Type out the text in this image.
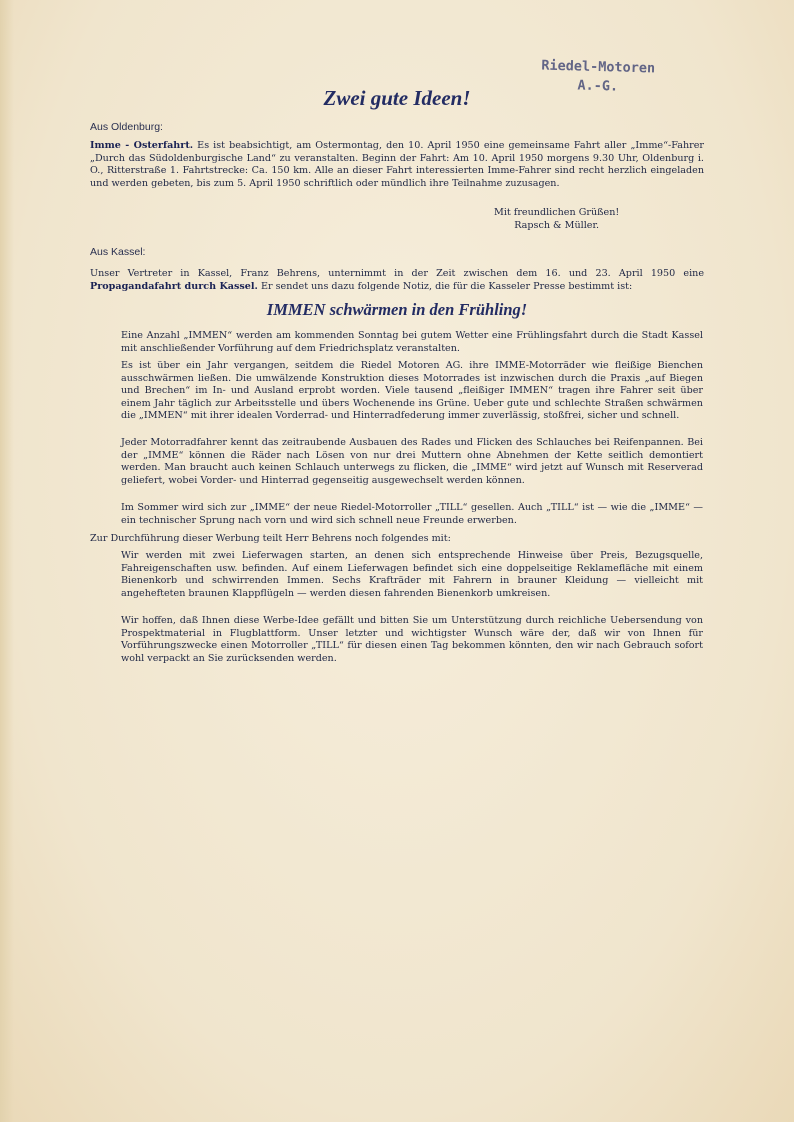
Riedel-Motoren
A.-G.
Zwei gute Ideen!
Aus Oldenburg:
Imme - Osterfahrt. Es ist beabsichtigt, am Ostermontag, den 10. April 1950 eine gemeinsame Fahrt aller „Imme“-Fahrer „Durch das Südoldenburgische Land“ zu veranstalten. Beginn der Fahrt: Am 10. April 1950 morgens 9.30 Uhr, Oldenburg i. O., Ritterstraße 1. Fahrtstrecke: Ca. 150 km. Alle an dieser Fahrt interessierten Imme-Fahrer sind recht herzlich eingeladen und werden gebeten, bis zum 5. April 1950 schriftlich oder mündlich ihre Teilnahme zuzusagen.
Mit freundlichen Grüßen!
Rapsch & Müller.
Aus Kassel:
Unser Vertreter in Kassel, Franz Behrens, unternimmt in der Zeit zwischen dem 16. und 23. April 1950 eine Propagandafahrt durch Kassel. Er sendet uns dazu folgende Notiz, die für die Kasseler Presse bestimmt ist:
IMMEN schwärmen in den Frühling!
Eine Anzahl „IMMEN“ werden am kommenden Sonntag bei gutem Wetter eine Frühlingsfahrt durch die Stadt Kassel mit anschließender Vorführung auf dem Friedrichsplatz veranstalten.
Es ist über ein Jahr vergangen, seitdem die Riedel Motoren AG. ihre IMME-Motorräder wie fleißige Bienchen ausschwärmen ließen. Die umwälzende Konstruktion dieses Motorrades ist inzwischen durch die Praxis „auf Biegen und Brechen“ im In- und Ausland erprobt worden. Viele tausend „fleißiger IMMEN“ tragen ihre Fahrer seit über einem Jahr täglich zur Arbeitsstelle und übers Wochenende ins Grüne. Ueber gute und schlechte Straßen schwärmen die „IMMEN“ mit ihrer idealen Vorderrad- und Hinterradfederung immer zuverlässig, stoßfrei, sicher und schnell.
Jeder Motorradfahrer kennt das zeitraubende Ausbauen des Rades und Flicken des Schlauches bei Reifenpannen. Bei der „IMME“ können die Räder nach Lösen von nur drei Muttern ohne Abnehmen der Kette seitlich demontiert werden. Man braucht auch keinen Schlauch unterwegs zu flicken, die „IMME“ wird jetzt auf Wunsch mit Reserverad geliefert, wobei Vorder- und Hinterrad gegenseitig ausgewechselt werden können.
Im Sommer wird sich zur „IMME“ der neue Riedel-Motorroller „TILL“ gesellen. Auch „TILL“ ist — wie die „IMME“ — ein technischer Sprung nach vorn und wird sich schnell neue Freunde erwerben.
Zur Durchführung dieser Werbung teilt Herr Behrens noch folgendes mit:
Wir werden mit zwei Lieferwagen starten, an denen sich entsprechende Hinweise über Preis, Bezugsquelle, Fahreigenschaften usw. befinden. Auf einem Lieferwagen befindet sich eine doppelseitige Reklamefläche mit einem Bienenkorb und schwirrenden Immen. Sechs Krafträder mit Fahrern in brauner Kleidung — vielleicht mit angehefteten braunen Klappflügeln — werden diesen fahrenden Bienenkorb umkreisen.
Wir hoffen, daß Ihnen diese Werbe-Idee gefällt und bitten Sie um Unterstützung durch reichliche Uebersendung von Prospektmaterial in Flugblattform. Unser letzter und wichtigster Wunsch wäre der, daß wir von Ihnen für Vorführungszwecke einen Motorroller „TILL“ für diesen einen Tag bekommen könnten, den wir nach Gebrauch sofort wohl verpackt an Sie zurücksenden werden.
